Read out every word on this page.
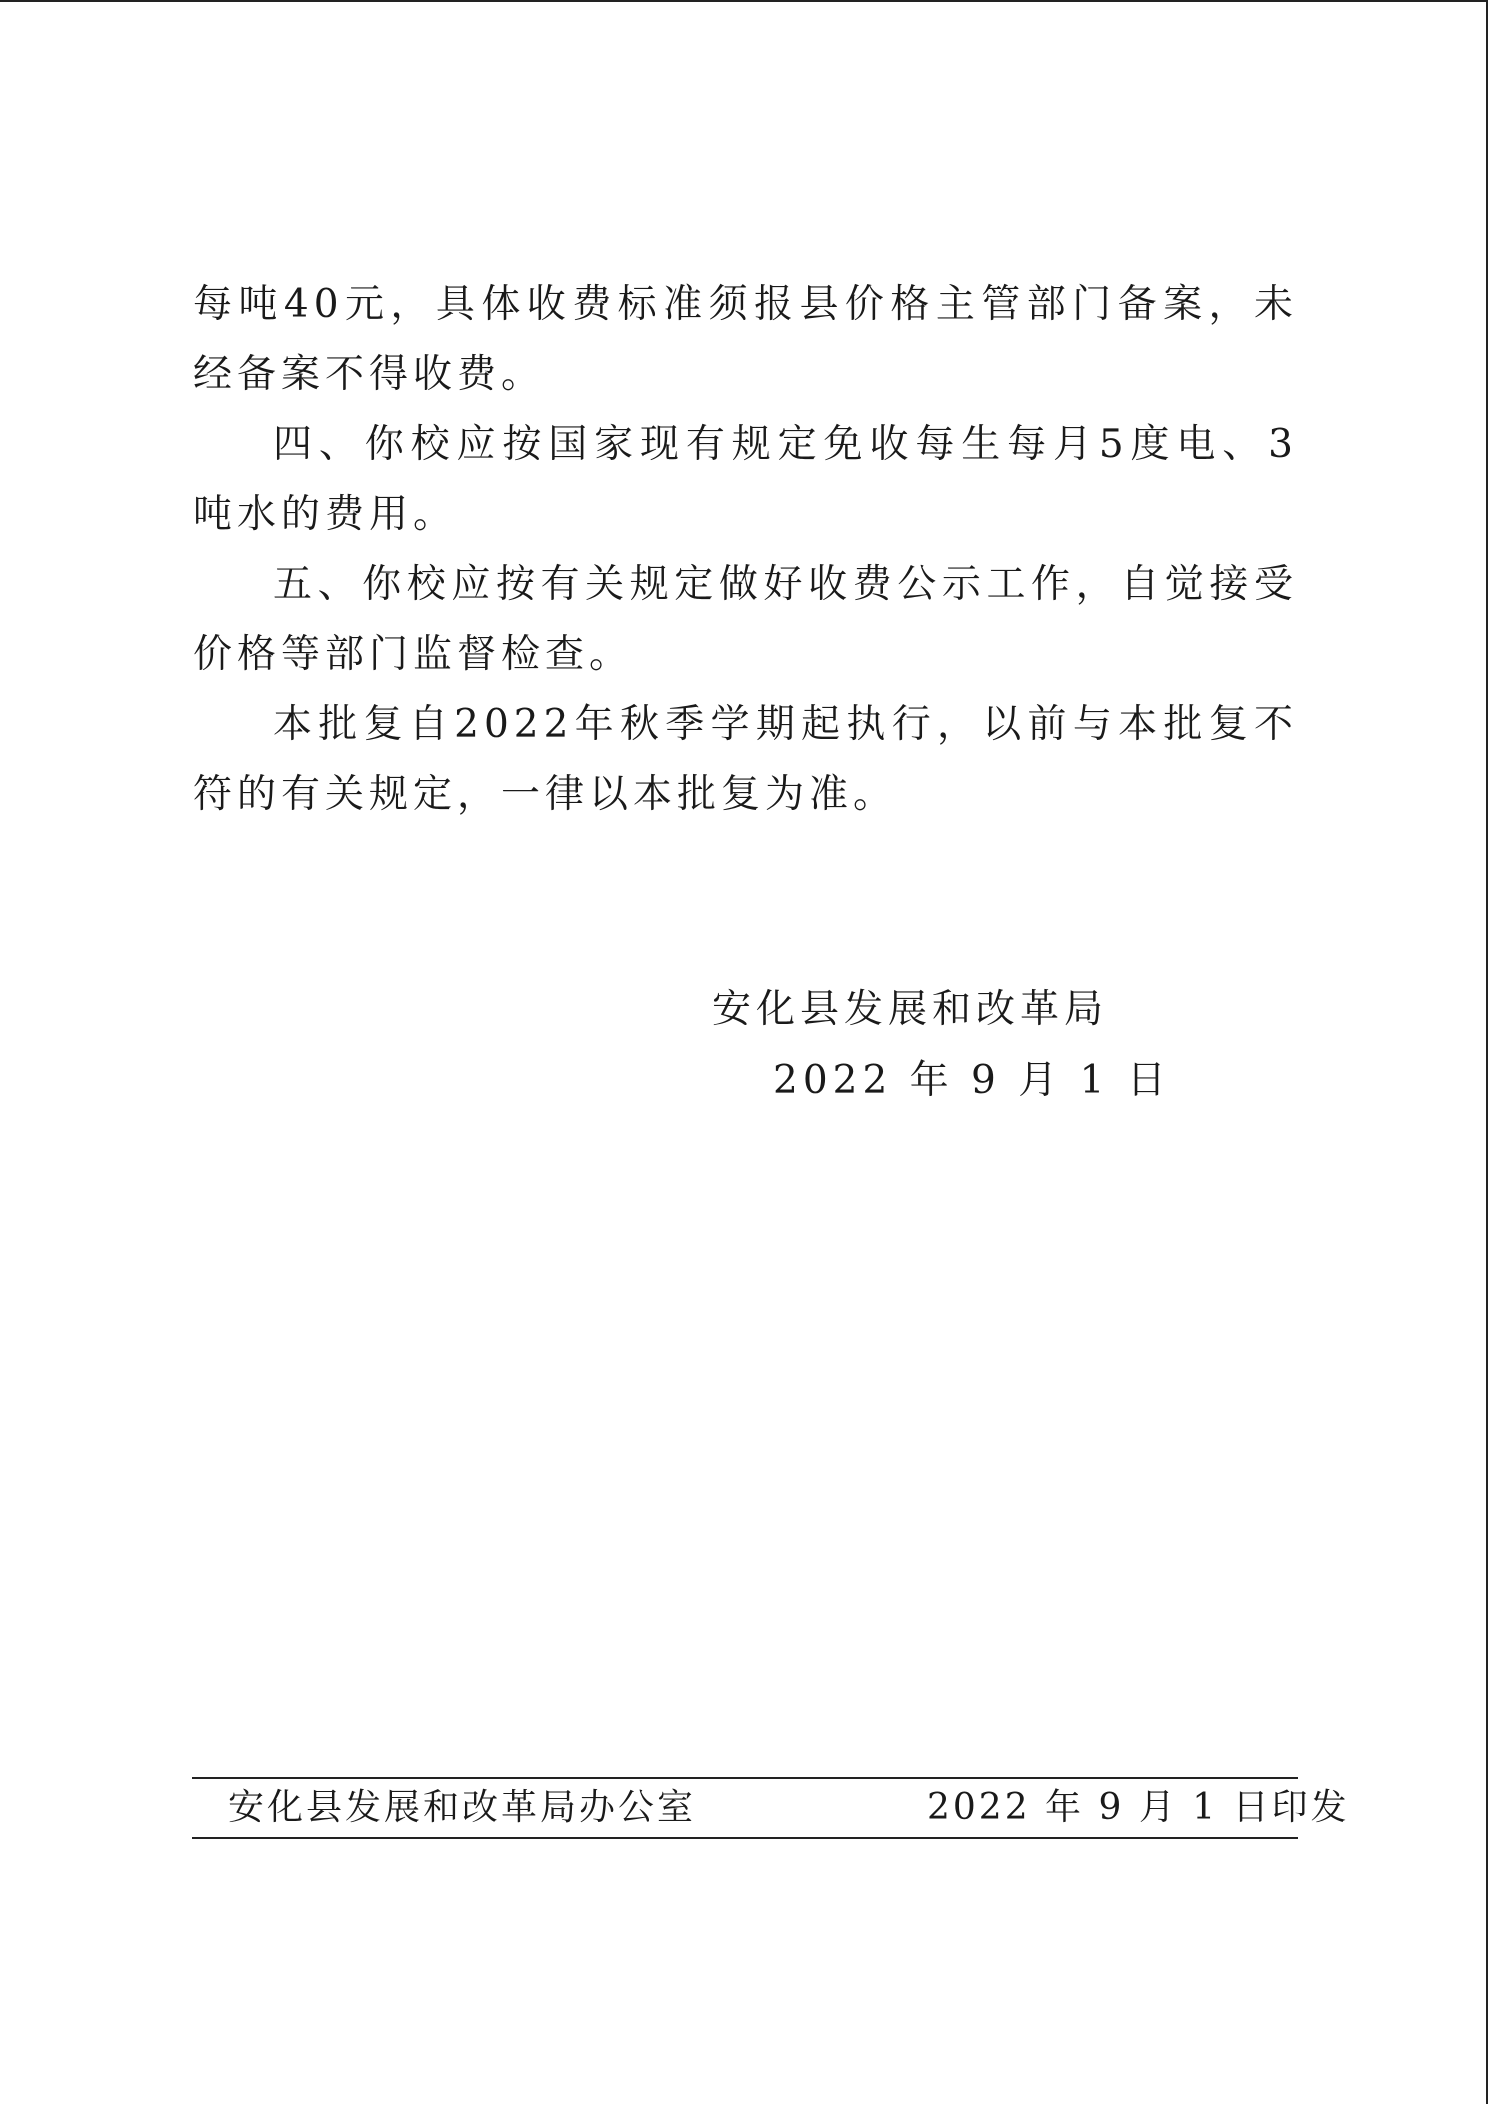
每吨40元，具体收费标准须报县价格主管部门备案，未经备案不得收费。

四、你校应按国家现有规定免收每生每月5度电、3吨水的费用。

五、你校应按有关规定做好收费公示工作，自觉接受价格等部门监督检查。

本批复自2022年秋季学期起执行，以前与本批复不符的有关规定，一律以本批复为准。

安化县发展和改革局
2022 年 9 月 1 日
安化县发展和改革局办公室	2022 年 9 月 1 日印发
